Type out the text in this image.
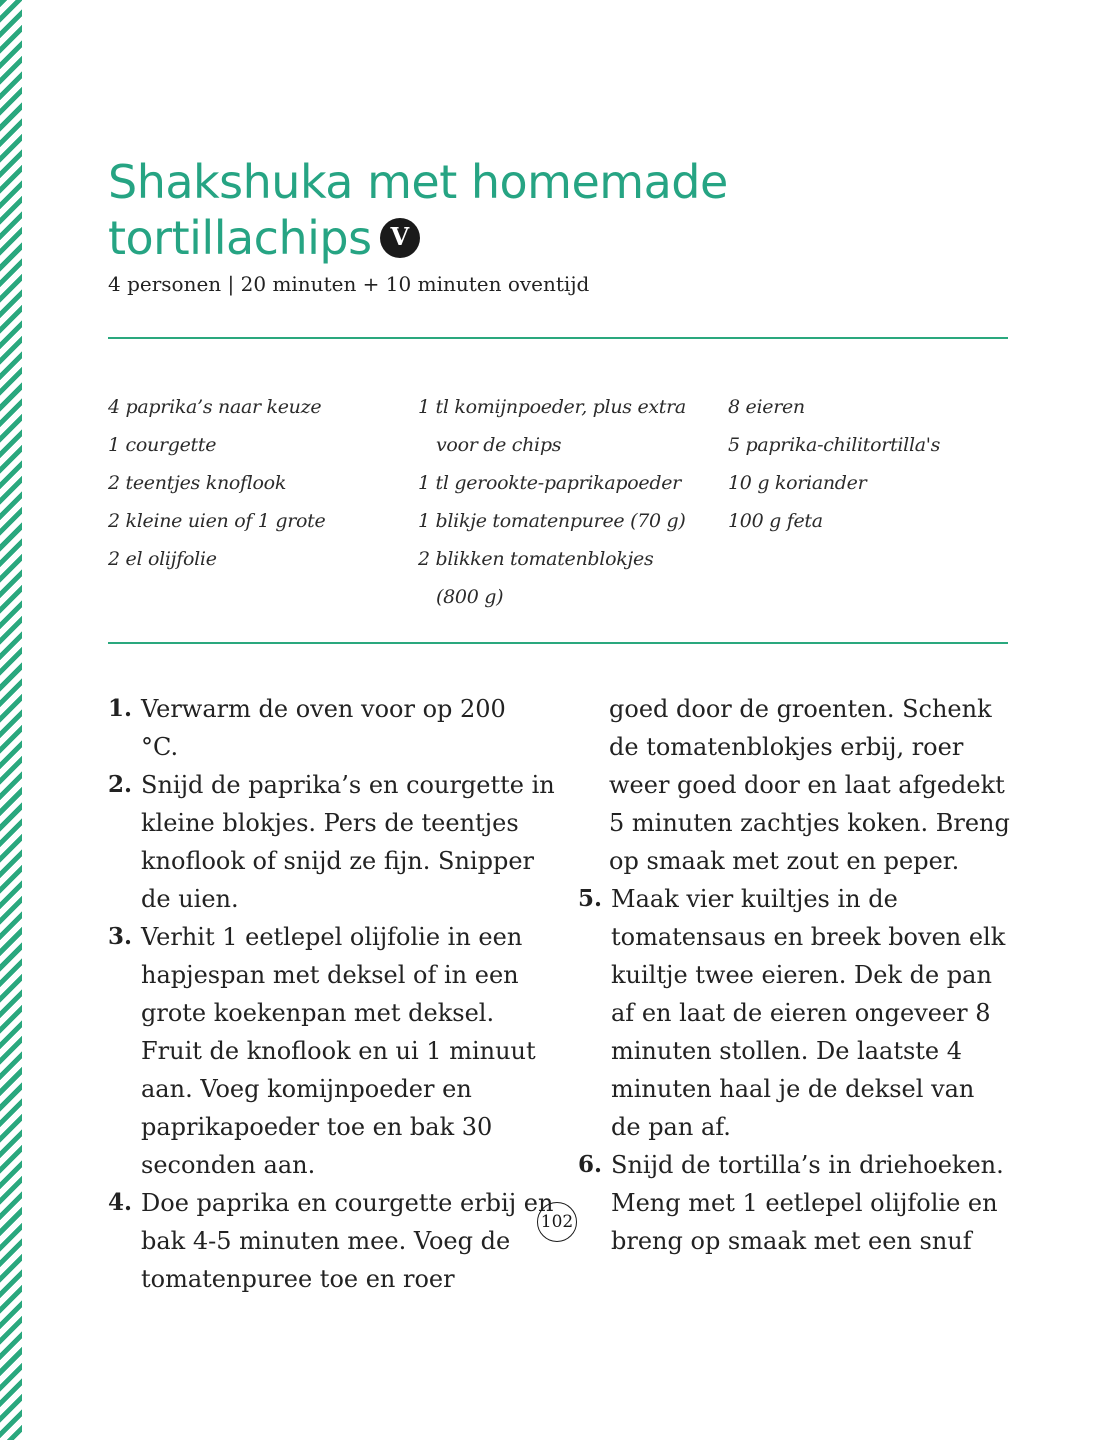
Shakshuka met homemade
tortillachips V

4 personen | 20 minuten + 10 minuten oventijd

4 paprika’s naar keuze
1 courgette
2 teentjes knoflook
2 kleine uien of 1 grote
2 el olijfolie
1 tl komijnpoeder, plus extra voor de chips
1 tl gerookte-paprikapoeder
1 blikje tomatenpuree (70 g)
2 blikken tomatenblokjes (800 g)
8 eieren
5 paprika-chilitortilla's
10 g koriander
100 g feta
1. Verwarm de oven voor op 200 °C.
2. Snijd de paprika’s en courgette in kleine blokjes. Pers de teentjes knoflook of snijd ze fijn. Snipper de uien.
3. Verhit 1 eetlepel olijfolie in een hapjespan met deksel of in een grote koekenpan met deksel. Fruit de knoflook en ui 1 minuut aan. Voeg komijnpoeder en paprikapoeder toe en bak 30 seconden aan.
4. Doe paprika en courgette erbij en bak 4-5 minuten mee. Voeg de tomatenpuree toe en roer
goed door de groenten. Schenk de tomatenblokjes erbij, roer weer goed door en laat afgedekt 5 minuten zachtjes koken. Breng op smaak met zout en peper.
5. Maak vier kuiltjes in de tomatensaus en breek boven elk kuiltje twee eieren. Dek de pan af en laat de eieren ongeveer 8 minuten stollen. De laatste 4 minuten haal je de deksel van de pan af.
6. Snijd de tortilla’s in driehoeken. Meng met 1 eetlepel olijfolie en breng op smaak met een snuf
102
